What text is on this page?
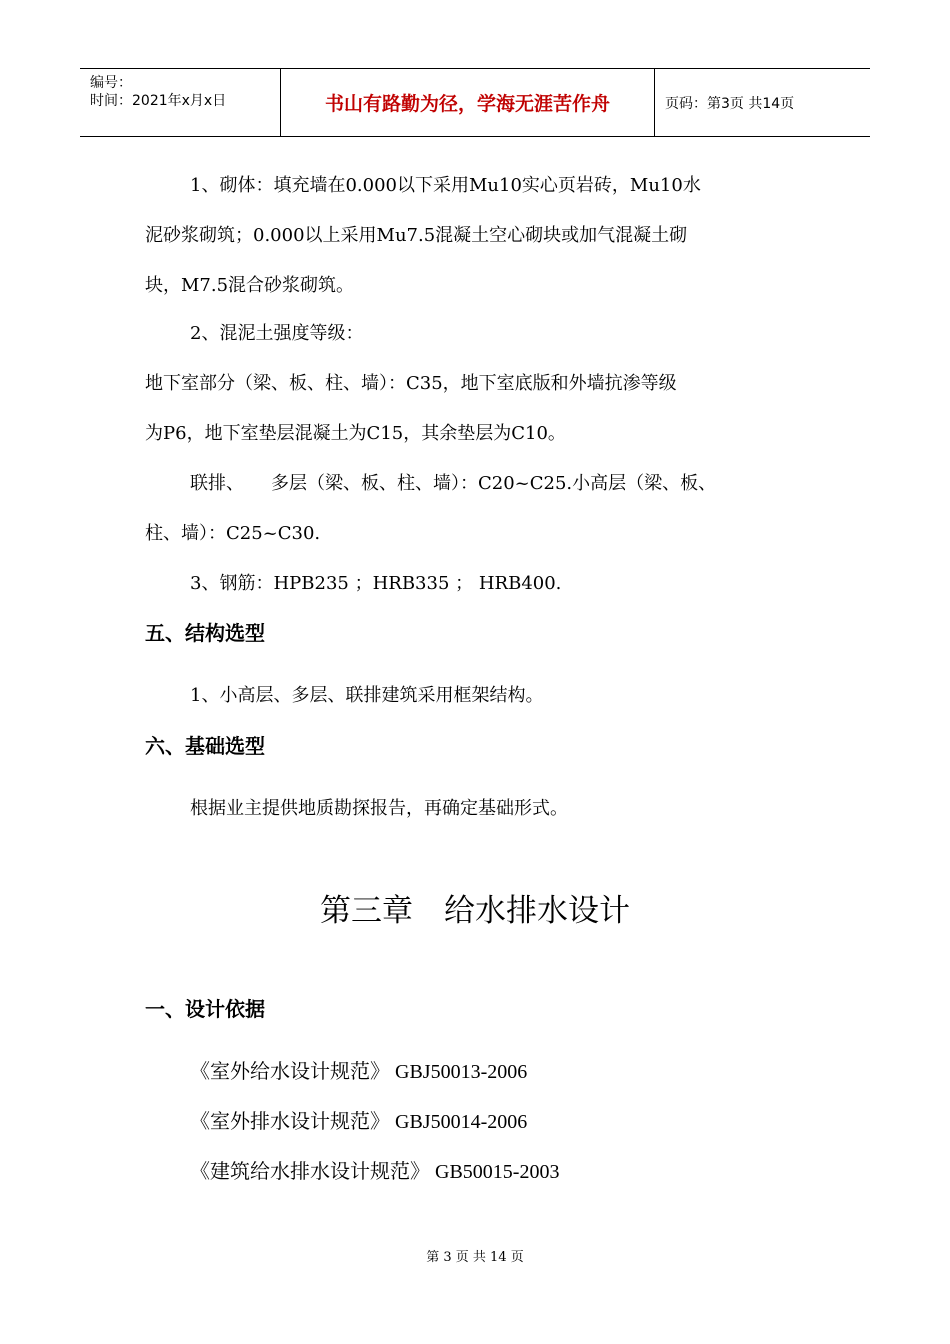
编号：
时间：2021年x月x日	书山有路勤为径，学海无涯苦作舟	页码：第3页 共14页
1、砌体：填充墙在0.000以下采用Mu10实心页岩砖，Mu10水
泥砂浆砌筑；0.000以上采用Mu7.5混凝土空心砌块或加气混凝土砌
块，M7.5混合砂浆砌筑。
2、混泥土强度等级：
地下室部分（梁、板、柱、墙）：C35，地下室底版和外墙抗渗等级
为P6，地下室垫层混凝土为C15，其余垫层为C10。
联排、　　多层（梁、板、柱、墙）：C20~C25.小高层（梁、板、
柱、墙）：C25~C30.
3、钢筋：HPB235 ；HRB335 ； HRB400.
五、结构选型
1、小高层、多层、联排建筑采用框架结构。
六、基础选型
根据业主提供地质勘探报告，再确定基础形式。
第三章　给水排水设计
一、设计依据
《室外给水设计规范》 GBJ50013-2006
《室外排水设计规范》 GBJ50014-2006
《建筑给水排水设计规范》 GB50015-2003
第 3 页 共 14 页
